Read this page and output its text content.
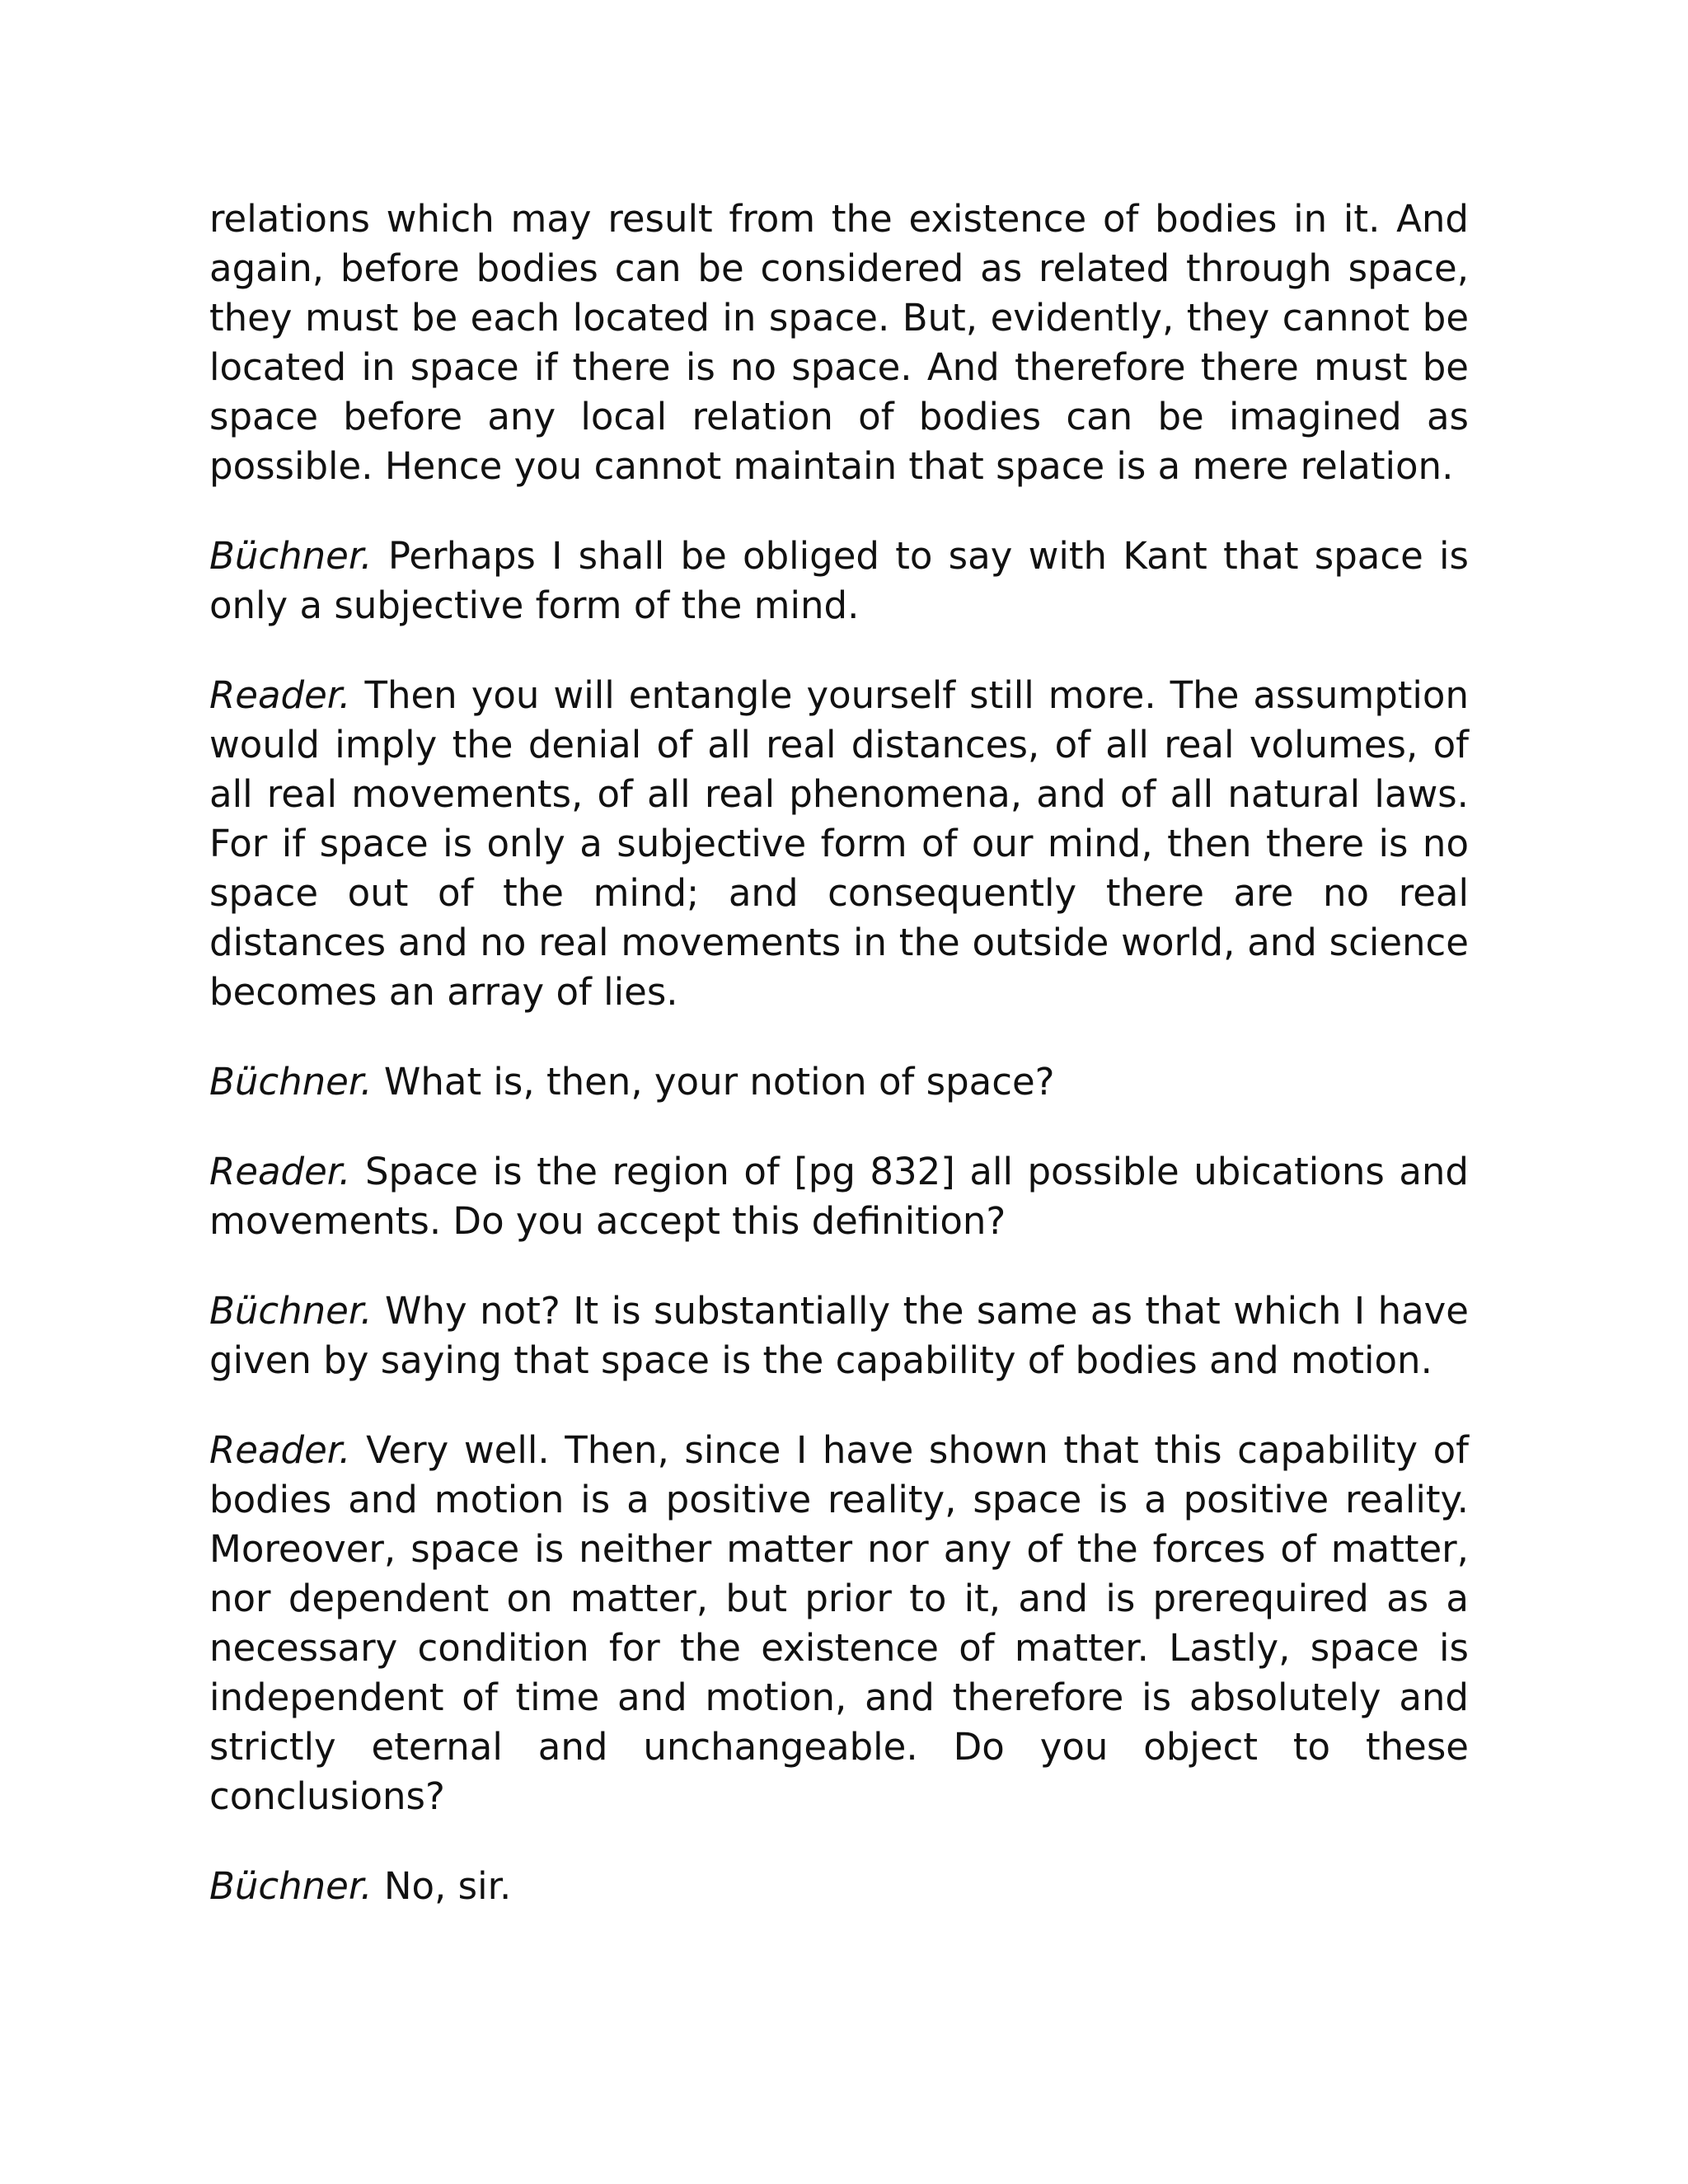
relations which may result from the existence of bodies in it. And again, before bodies can be considered as related through space, they must be each located in space. But, evidently, they cannot be located in space if there is no space. And therefore there must be space before any local relation of bodies can be imagined as possible. Hence you cannot maintain that space is a mere relation.

Büchner. Perhaps I shall be obliged to say with Kant that space is only a subjective form of the mind.

Reader. Then you will entangle yourself still more. The assumption would imply the denial of all real distances, of all real volumes, of all real movements, of all real phenomena, and of all natural laws. For if space is only a subjective form of our mind, then there is no space out of the mind; and consequently there are no real distances and no real movements in the outside world, and science becomes an array of lies.

Büchner. What is, then, your notion of space?

Reader. Space is the region of [pg 832] all possible ubications and movements. Do you accept this definition?

Büchner. Why not? It is substantially the same as that which I have given by saying that space is the capability of bodies and motion.

Reader. Very well. Then, since I have shown that this capability of bodies and motion is a positive reality, space is a positive reality. Moreover, space is neither matter nor any of the forces of matter, nor dependent on matter, but prior to it, and is prerequired as a necessary condition for the existence of matter. Lastly, space is independent of time and motion, and therefore is absolutely and strictly eternal and unchangeable. Do you object to these conclusions?

Büchner. No, sir.
